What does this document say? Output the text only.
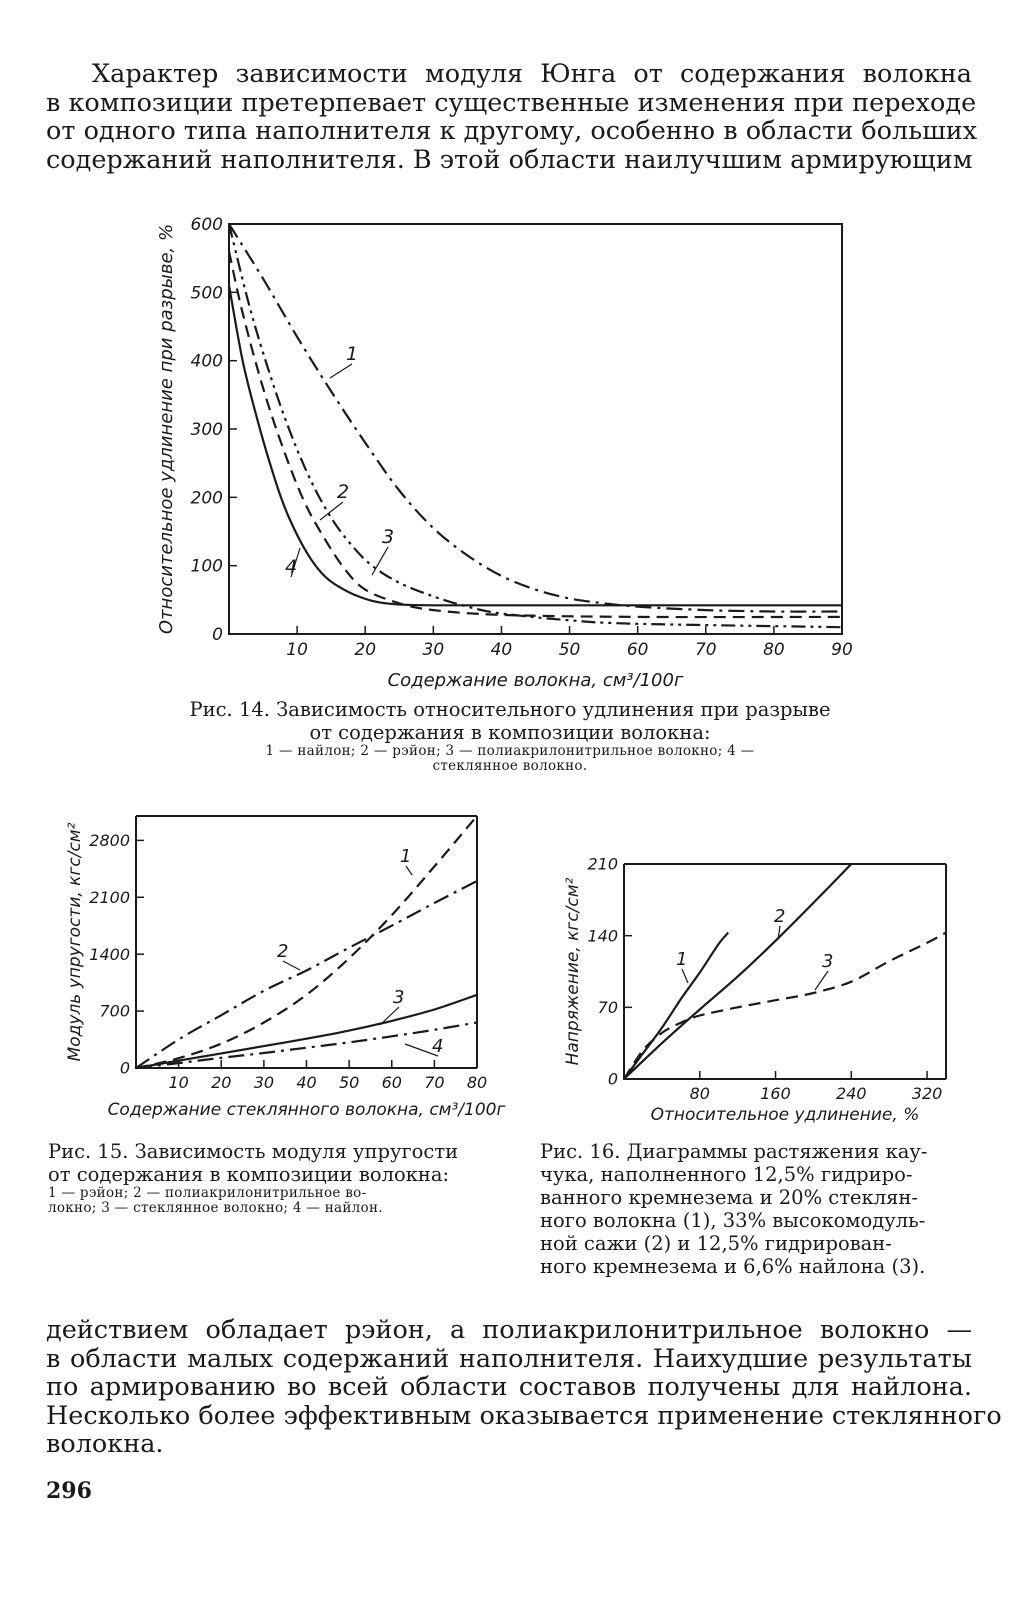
Характер зависимости модуля Юнга от содержания волокна
в композиции претерпевает существенные изменения при переходе
от одного типа наполнителя к другому, особенно в области больших
содержаний наполнителя. В этой области наилучшим армирующим
10	20	30	40	50	60	70	80	90
0
100
200
300
400
500
600
Содержание волокна, см³/100г
Относительное удлинение при разрыве, %	1
2
3
4
Рис. 14. Зависимость относительного удлинения при разрыве
от содержания в композиции волокна:
1 — найлон; 2 — рэйон; 3 — полиакрилонитрильное волокно; 4 —
стеклянное волокно.
10 20 30 40 50 60 70 80
0
700
1400
2100
2800
Содержание стеклянного волокна, см³/100г
Модуль упругости, кгс/см²	1
2
3
4
Рис. 15. Зависимость модуля упругости
от содержания в композиции волокна:
1 — рэйон; 2 — полиакрилонитрильное во-
локно; 3 — стеклянное волокно; 4 — найлон.
80	160	240	320
0
70
140
210
Относительное удлинение, %
Напряжение, кгс/см²	1
2
3
Рис. 16. Диаграммы растяжения кау-
чука, наполненного 12,5% гидриро-
ванного кремнезема и 20% стеклян-
ного волокна (1), 33% высокомодуль-
ной сажи (2) и 12,5% гидрирован-
ного кремнезема и 6,6% найлона (3).
действием обладает рэйон, а полиакрилонитрильное волокно —
в области малых содержаний наполнителя. Наихудшие результаты
по армированию во всей области составов получены для найлона.
Несколько более эффективным оказывается применение стеклянного
волокна.
296
